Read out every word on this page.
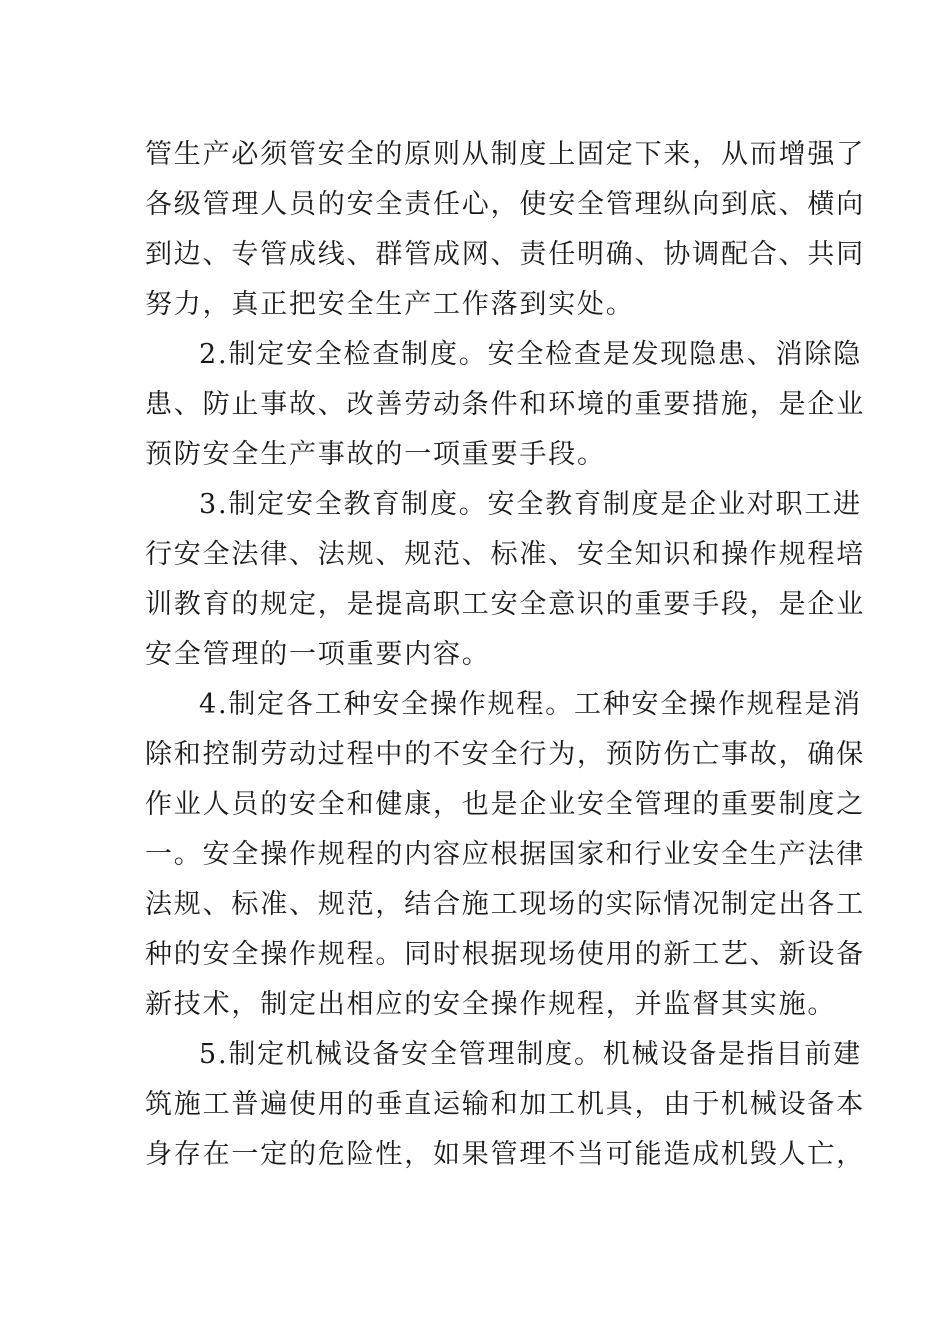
管生产必须管安全的原则从制度上固定下来，从而增强了
各级管理人员的安全责任心，使安全管理纵向到底、横向
到边、专管成线、群管成网、责任明确、协调配合、共同
努力，真正把安全生产工作落到实处。
2.制定安全检查制度。安全检查是发现隐患、消除隐
患、防止事故、改善劳动条件和环境的重要措施，是企业
预防安全生产事故的一项重要手段。
3.制定安全教育制度。安全教育制度是企业对职工进
行安全法律、法规、规范、标准、安全知识和操作规程培
训教育的规定，是提高职工安全意识的重要手段，是企业
安全管理的一项重要内容。
4.制定各工种安全操作规程。工种安全操作规程是消
除和控制劳动过程中的不安全行为，预防伤亡事故，确保
作业人员的安全和健康，也是企业安全管理的重要制度之
一。安全操作规程的内容应根据国家和行业安全生产法律
法规、标准、规范，结合施工现场的实际情况制定出各工
种的安全操作规程。同时根据现场使用的新工艺、新设备
新技术，制定出相应的安全操作规程，并监督其实施。
5.制定机械设备安全管理制度。机械设备是指目前建
筑施工普遍使用的垂直运输和加工机具，由于机械设备本
身存在一定的危险性，如果管理不当可能造成机毁人亡，
